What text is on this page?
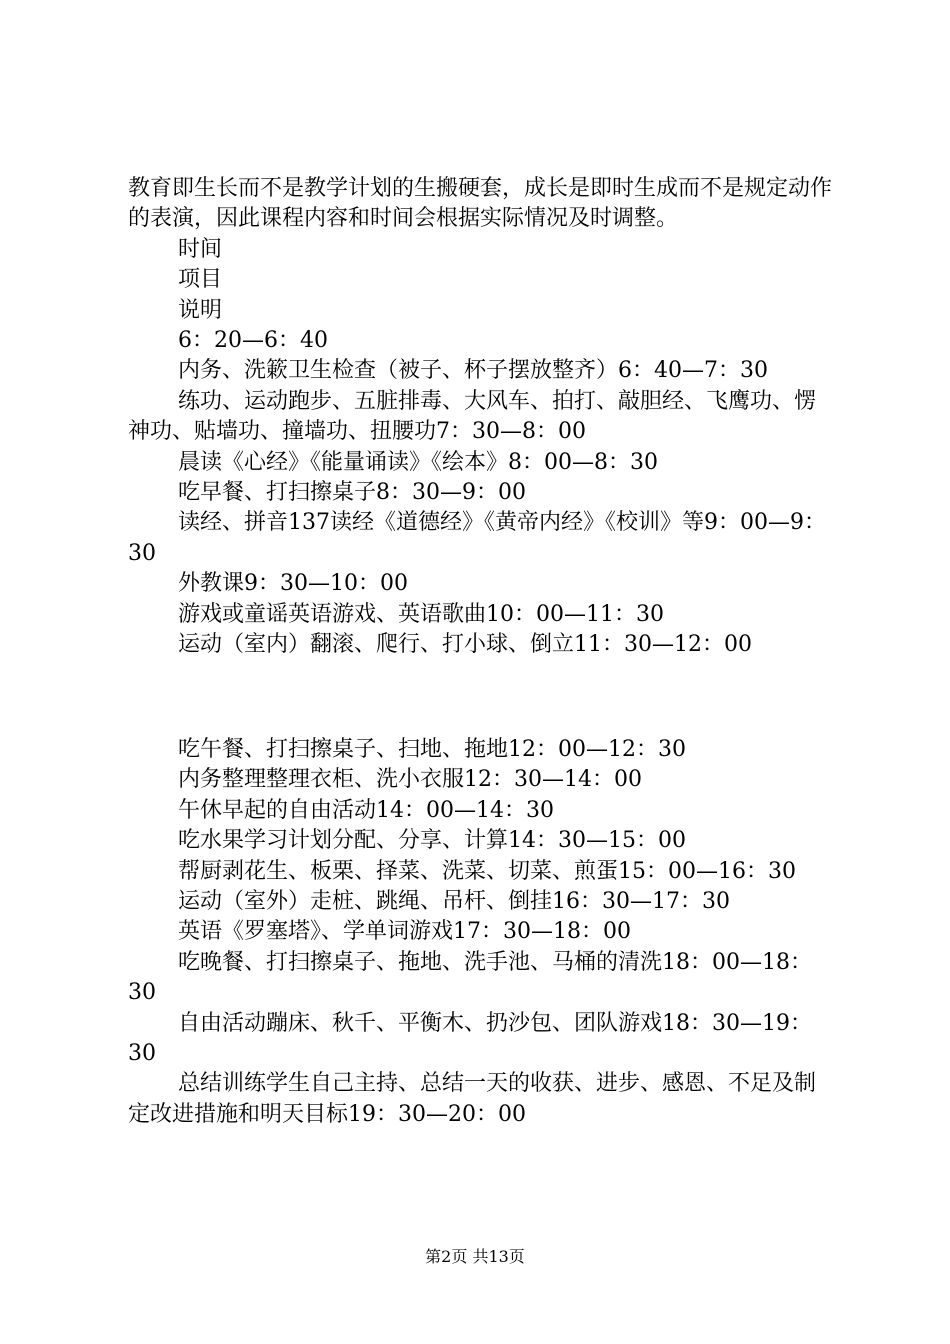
教育即生长而不是教学计划的生搬硬套，成长是即时生成而不是规定动作的表演，因此课程内容和时间会根据实际情况及时调整。

时间

项目

说明

6：20—6：40

内务、洗簌卫生检查（被子、杯子摆放整齐）6：40—7：30

练功、运动跑步、五脏排毒、大风车、拍打、敲胆经、飞鹰功、愣神功、贴墙功、撞墙功、扭腰功7：30—8：00

晨读《心经》《能量诵读》《绘本》8：00—8：30

吃早餐、打扫擦桌子8：30—9：00

读经、拼音137读经《道德经》《黄帝内经》《校训》等9：00—9：30

外教课9：30—10：00

游戏或童谣英语游戏、英语歌曲10：00—11：30

运动（室内）翻滚、爬行、打小球、倒立11：30—12：00

吃午餐、打扫擦桌子、扫地、拖地12：00—12：30

内务整理整理衣柜、洗小衣服12：30—14：00

午休早起的自由活动14：00—14：30

吃水果学习计划分配、分享、计算14：30—15：00

帮厨剥花生、板栗、择菜、洗菜、切菜、煎蛋15：00—16：30

运动（室外）走桩、跳绳、吊杆、倒挂16：30—17：30

英语《罗塞塔》、学单词游戏17：30—18：00

吃晚餐、打扫擦桌子、拖地、洗手池、马桶的清洗18：00—18：30

自由活动蹦床、秋千、平衡木、扔沙包、团队游戏18：30—19：30

总结训练学生自己主持、总结一天的收获、进步、感恩、不足及制定改进措施和明天目标19：30—20：00

第2页 共13页
